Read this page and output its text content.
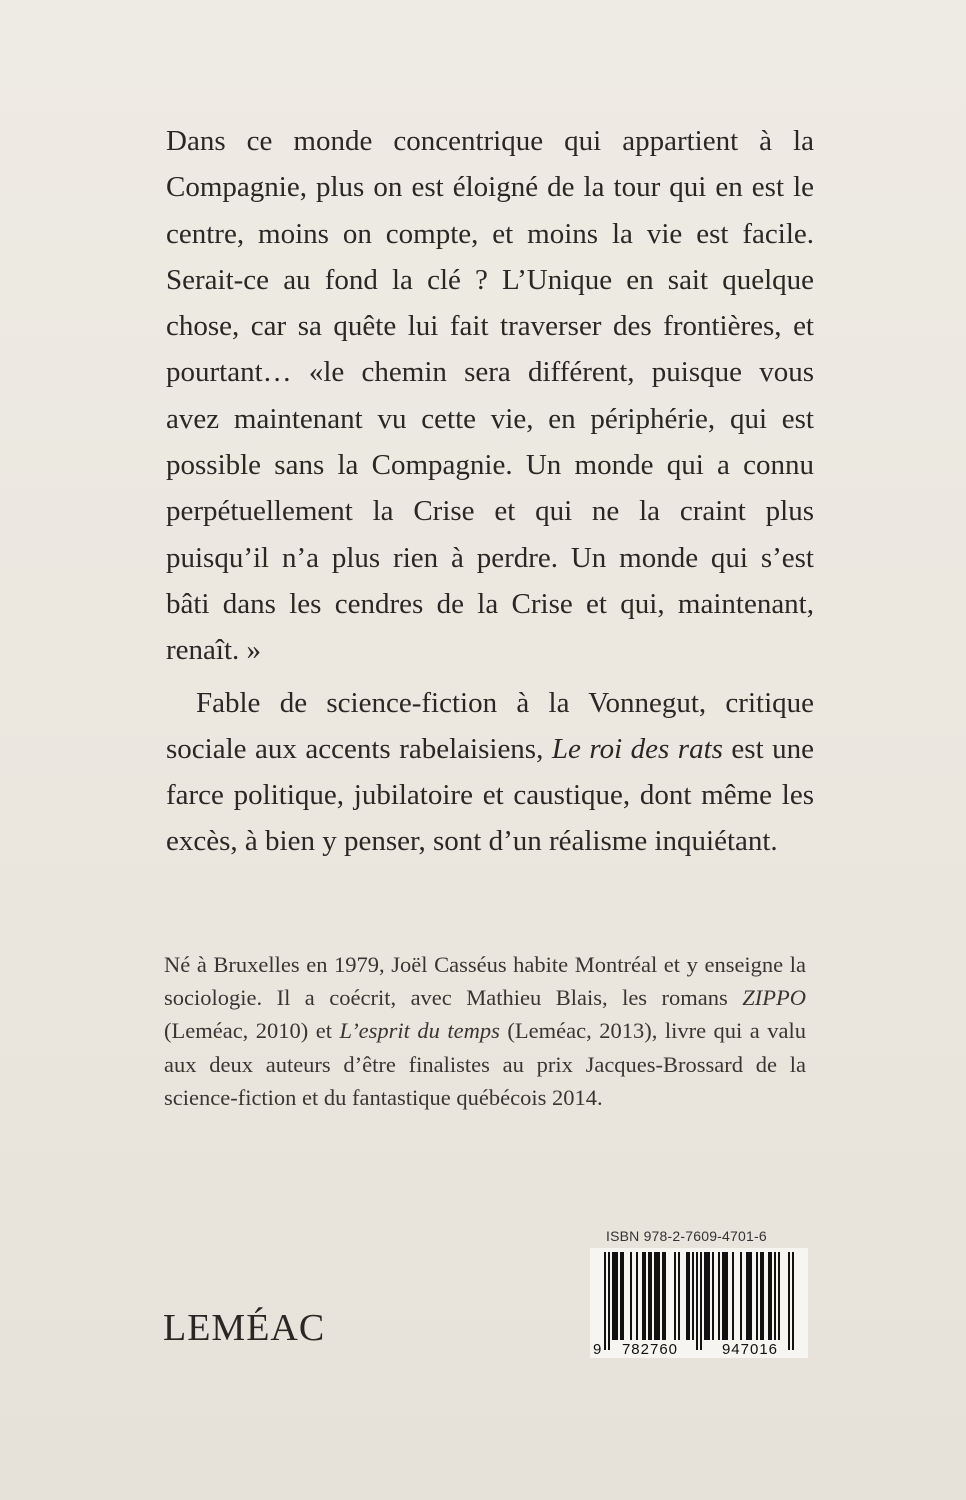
Dans ce monde concentrique qui appartient à la Compagnie, plus on est éloigné de la tour qui en est le centre, moins on compte, et moins la vie est facile. Serait-ce au fond la clé ? L’Unique en sait quelque chose, car sa quête lui fait traverser des frontières, et pourtant… «le chemin sera différent, puisque vous avez maintenant vu cette vie, en périphérie, qui est possible sans la Compagnie. Un monde qui a connu perpétuellement la Crise et qui ne la craint plus puisqu’il n’a plus rien à perdre. Un monde qui s’est bâti dans les cendres de la Crise et qui, maintenant, renaît. »

Fable de science-fiction à la Vonnegut, critique sociale aux accents rabelaisiens, Le roi des rats est une farce politique, jubilatoire et caustique, dont même les excès, à bien y penser, sont d’un réalisme inquiétant.

Né à Bruxelles en 1979, Joël Casséus habite Montréal et y enseigne la sociologie. Il a coécrit, avec Mathieu Blais, les romans ZIPPO (Leméac, 2010) et L’esprit du temps (Leméac, 2013), livre qui a valu aux deux auteurs d’être finalistes au prix Jacques-Brossard de la science-fiction et du fantastique québécois 2014.

LEMÉAC
ISBN 978-2-7609-4701-6
9 782760	947016
